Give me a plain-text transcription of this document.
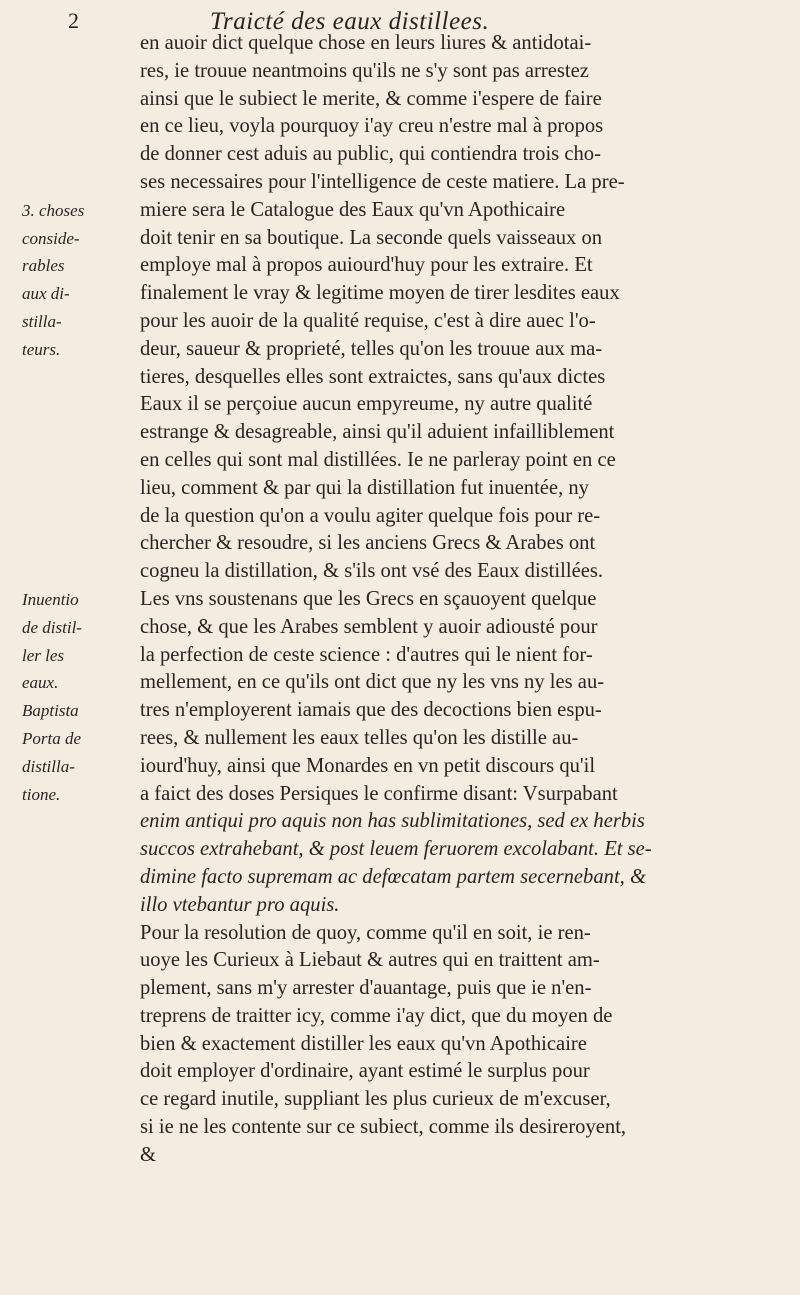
2	Traicté des eaux distillees.
3. choses
conside-
rables
aux di-
stilla-
teurs.
Inuentio
de distil-
ler les
eaux.
Baptista
Porta de
distilla-
tione.
en auoir dict quelque chose en leurs liures & antidotai-
res, ie trouue neantmoins qu'ils ne s'y sont pas arrestez
ainsi que le subiect le merite, & comme i'espere de faire
en ce lieu, voyla pourquoy i'ay creu n'estre mal à propos
de donner cest aduis au public, qui contiendra trois cho-
ses necessaires pour l'intelligence de ceste matiere. La pre-
miere sera le Catalogue des Eaux qu'vn Apothicaire
doit tenir en sa boutique. La seconde quels vaisseaux on
employe mal à propos auiourd'huy pour les extraire. Et
finalement le vray & legitime moyen de tirer lesdites eaux
pour les auoir de la qualité requise, c'est à dire auec l'o-
deur, saueur & proprieté, telles qu'on les trouue aux ma-
tieres, desquelles elles sont extraictes, sans qu'aux dictes
Eaux il se perçoiue aucun empyreume, ny autre qualité
estrange & desagreable, ainsi qu'il aduient infailliblement
en celles qui sont mal distillées. Ie ne parleray point en ce
lieu, comment & par qui la distillation fut inuentée, ny
de la question qu'on a voulu agiter quelque fois pour re-
chercher & resoudre, si les anciens Grecs & Arabes ont
cogneu la distillation, & s'ils ont vsé des Eaux distillées.
Les vns soustenans que les Grecs en sçauoyent quelque
chose, & que les Arabes semblent y auoir adiousté pour
la perfection de ceste science : d'autres qui le nient for-
mellement, en ce qu'ils ont dict que ny les vns ny les au-
tres n'employerent iamais que des decoctions bien espu-
rees, & nullement les eaux telles qu'on les distille au-
iourd'huy, ainsi que Monardes en vn petit discours qu'il
a faict des doses Persiques le confirme disant: Vsurpabant
enim antiqui pro aquis non has sublimitationes, sed ex herbis
succos extrahebant, & post leuem feruorem excolabant. Et se-
dimine facto supremam ac defœcatam partem secernebant, &
illo vtebantur pro aquis.
Pour la resolution de quoy, comme qu'il en soit, ie ren-
uoye les Curieux à Liebaut & autres qui en traittent am-
plement, sans m'y arrester d'auantage, puis que ie n'en-
treprens de traitter icy, comme i'ay dict, que du moyen de
bien & exactement distiller les eaux qu'vn Apothicaire
doit employer d'ordinaire, ayant estimé le surplus pour
ce regard inutile, suppliant les plus curieux de m'excuser,
si ie ne les contente sur ce subiect, comme ils desireroyent,
&
